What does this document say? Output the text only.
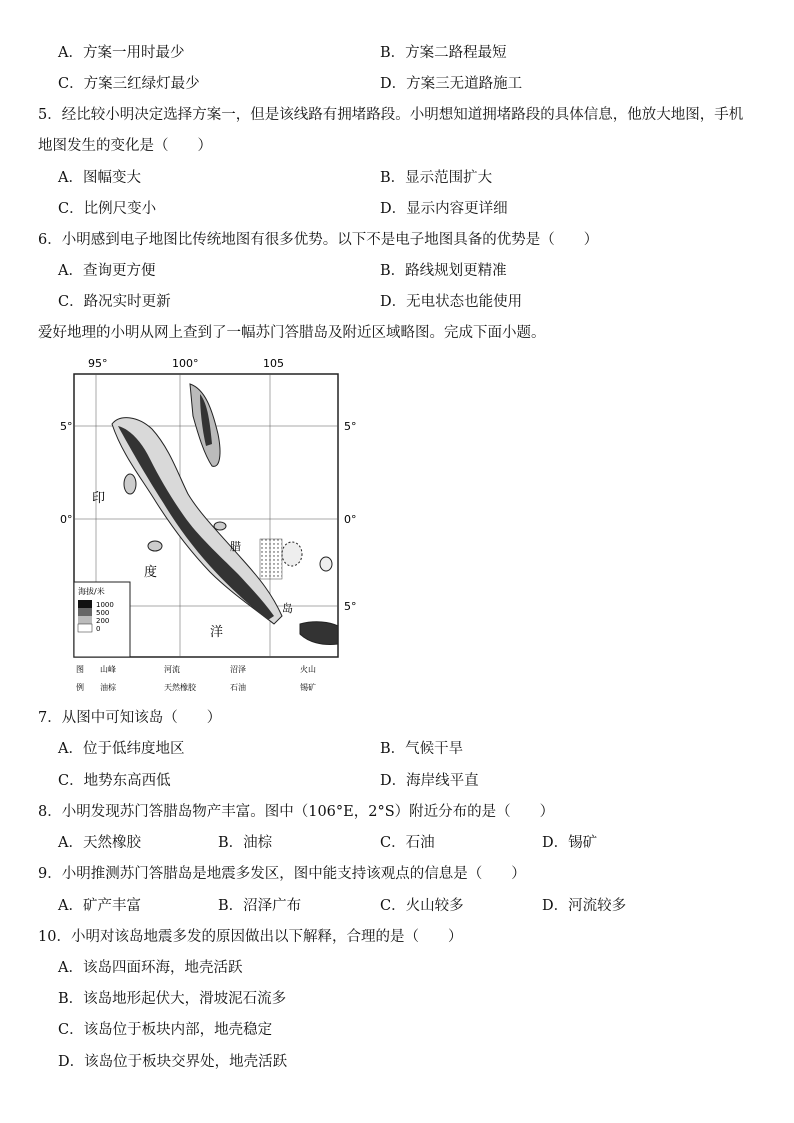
A．方案一用时最少	B．方案二路程最短
C．方案三红绿灯最少	D．方案三无道路施工
5．经比较小明决定选择方案一，但是该线路有拥堵路段。小明想知道拥堵路段的具体信息，他放大地图，手机
地图发生的变化是（　　）
A．图幅变大	B．显示范围扩大
C．比例尺变小	D．显示内容更详细
6．小明感到电子地图比传统地图有很多优势。以下不是电子地图具备的优势是（　　）
A．查询更方便	B．路线规划更精准
C．路况实时更新	D．无电状态也能使用
爱好地理的小明从网上查到了一幅苏门答腊岛及附近区域略图。完成下面小题。
95°	100°	105
5°
0°
5°
0°
5°
印
度
洋
腊
岛
海拔/米
1000
500
200
0
图
例
山峰	河流	沼泽	火山
油棕	天然橡胶	石油	锡矿
7．从图中可知该岛（　　）
A．位于低纬度地区	B．气候干旱
C．地势东高西低	D．海岸线平直
8．小明发现苏门答腊岛物产丰富。图中（106°E，2°S）附近分布的是（　　）
A．天然橡胶	B．油棕	C．石油	D．锡矿
9．小明推测苏门答腊岛是地震多发区，图中能支持该观点的信息是（　　）
A．矿产丰富	B．沼泽广布	C．火山较多	D．河流较多
10．小明对该岛地震多发的原因做出以下解释，合理的是（　　）
A．该岛四面环海，地壳活跃
B．该岛地形起伏大，滑坡泥石流多
C．该岛位于板块内部，地壳稳定
D．该岛位于板块交界处，地壳活跃
